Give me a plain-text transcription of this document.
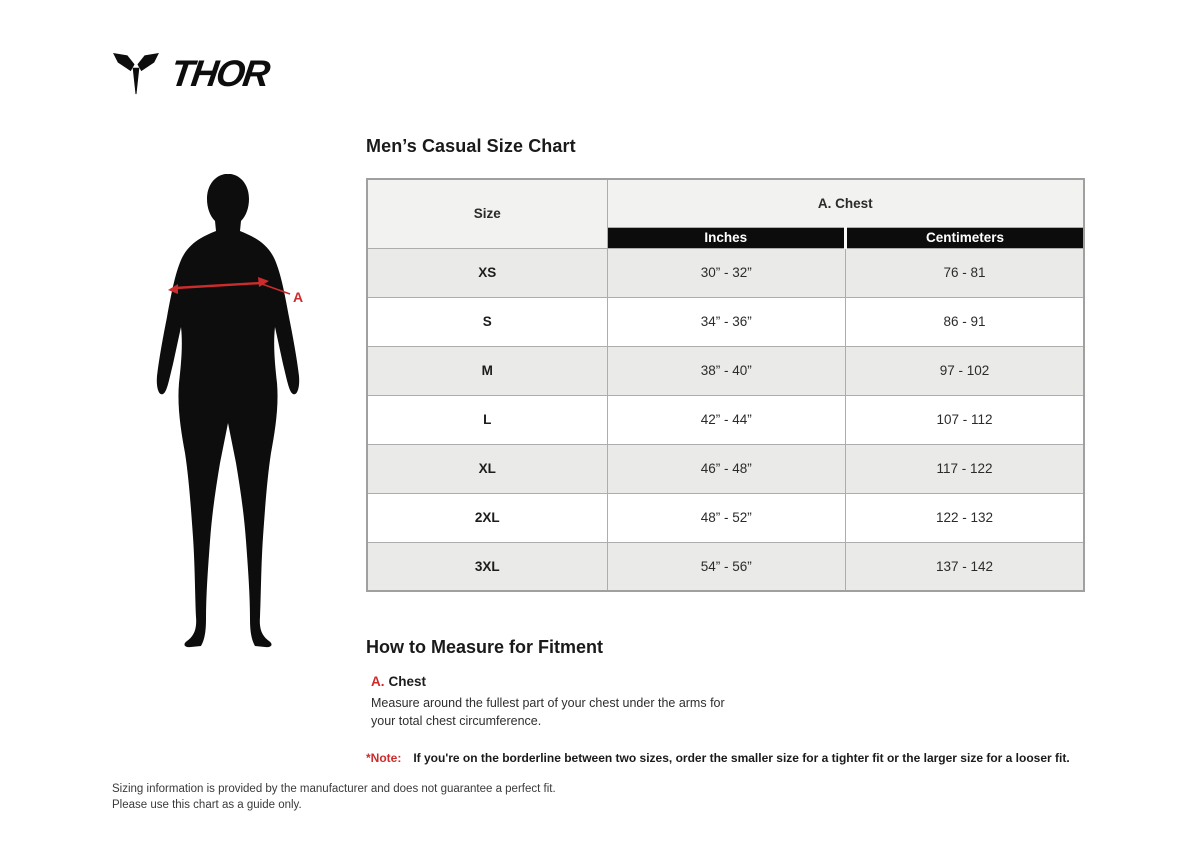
THOR
A
Men’s Casual Size Chart
Size	A. Chest	
	Inches	Centimeters
XS	30” - 32”	76 - 81
S	34” - 36”	86 - 91
M	38” - 40”	97 - 102
L	42” - 44”	107 - 112
XL	46” - 48”	117 - 122
2XL	48” - 52”	122 - 132
3XL	54” - 56”	137 - 142
How to Measure for Fitment
A. Chest

Measure around the fullest part of your chest under the arms for your total chest circumference.

*Note: If you're on the borderline between two sizes, order the smaller size for a tighter fit or the larger size for a looser fit.
Sizing information is provided by the manufacturer and does not guarantee a perfect fit.
Please use this chart as a guide only.
